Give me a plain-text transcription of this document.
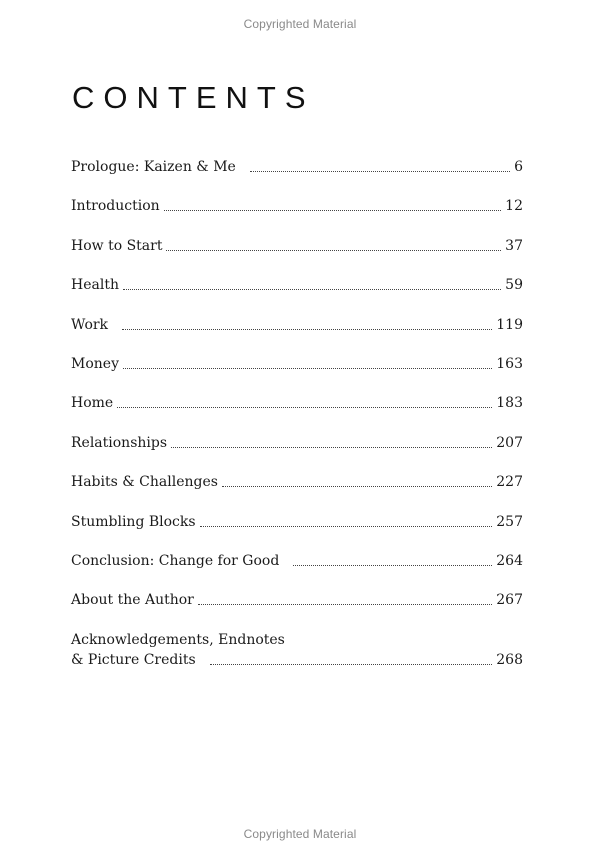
Copyrighted Material
CONTENTS
Prologue: Kaizen & Me	6
Introduction	12
How to Start	37
Health	59
Work	119
Money	163
Home	183
Relationships	207
Habits & Challenges	227
Stumbling Blocks	257
Conclusion: Change for Good	264
About the Author	267
Acknowledgements, Endnotes
& Picture Credits	268
Copyrighted Material
